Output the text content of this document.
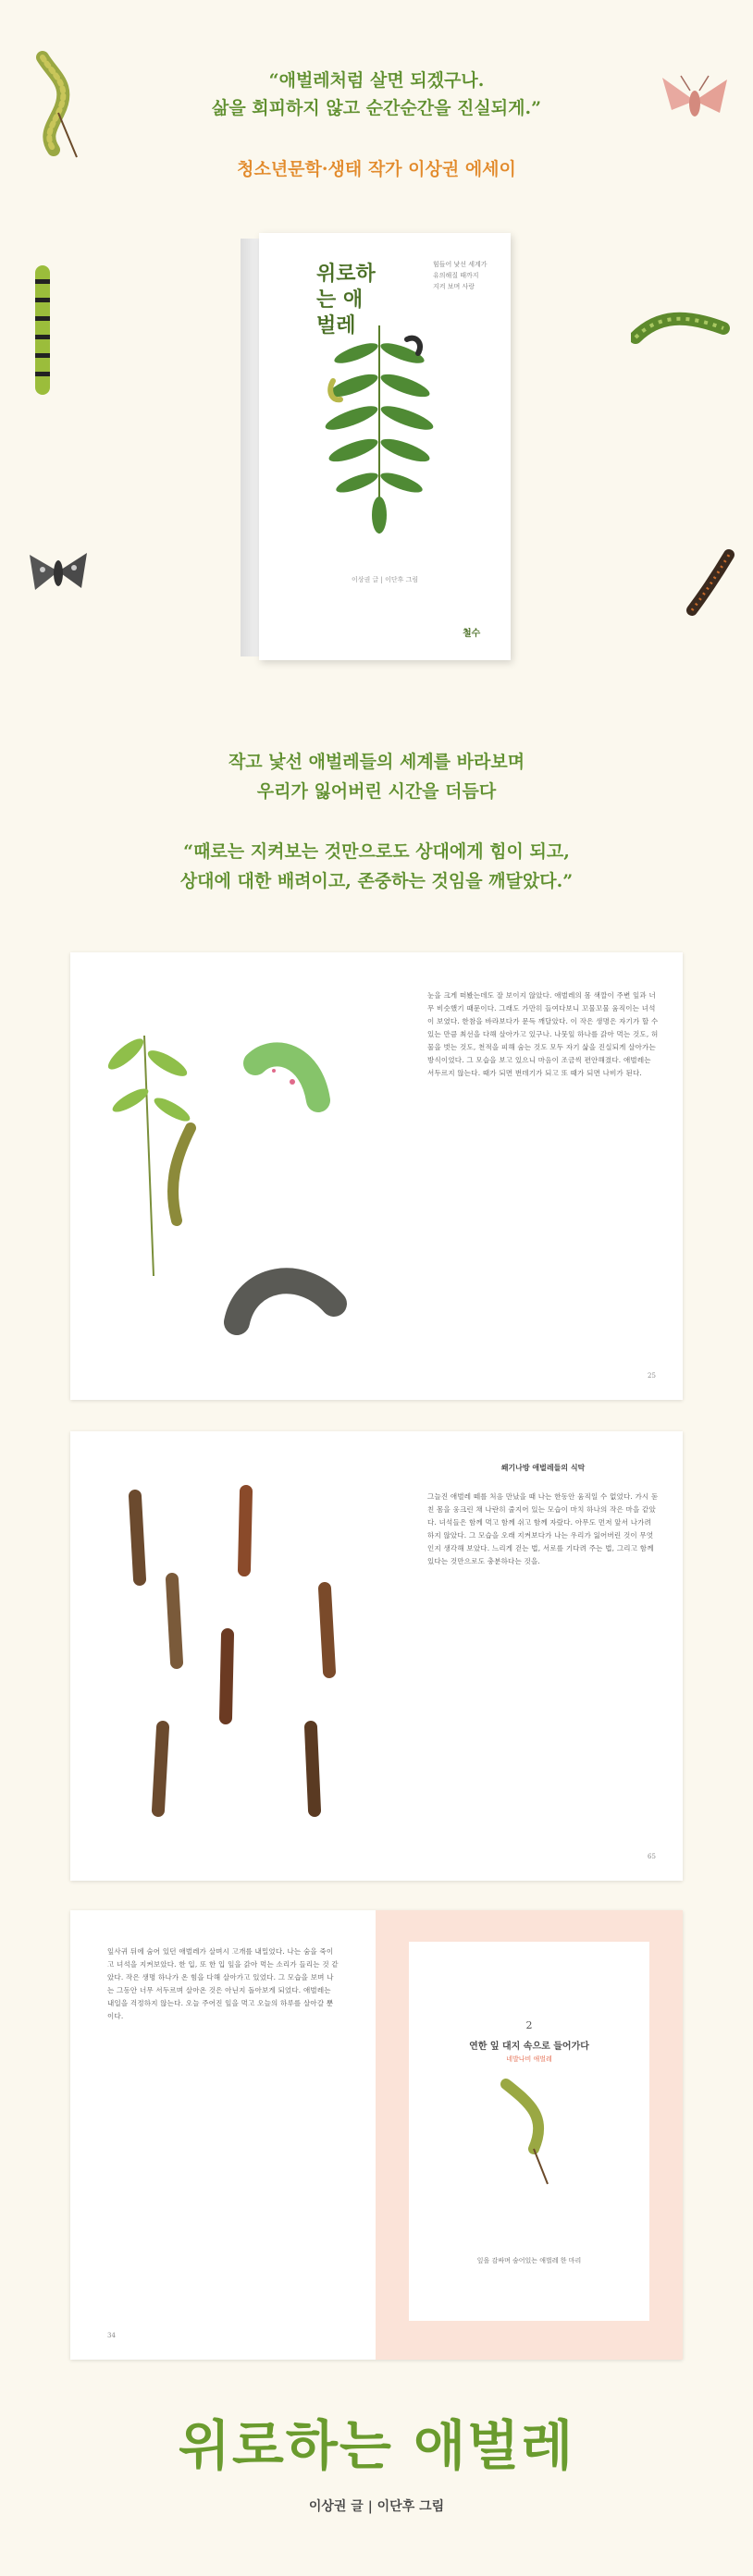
“애벌레처럼 살면 되겠구나.
삶을 회피하지 않고 순간순간을 진실되게.”
청소년문학·생태 작가 이상권 에세이
위로하는 애벌레
힘들어 낯선 세계가
유의해질 때까지
지켜 보며 사랑
이상권 글 | 이단후 그림
철수
작고 낯선 애벌레들의 세계를 바라보며
우리가 잃어버린 시간을 더듬다
“때로는 지켜보는 것만으로도 상대에게 힘이 되고,
상대에 대한 배려이고, 존중하는 것임을 깨달았다.”
눈을 크게 떠봤는데도 잘 보이지 않았다. 애벌레의 몸 색깔이 주변 잎과 너무 비슷했기 때문이다. 그래도 가만히 들여다보니 꼬물꼬물 움직이는 녀석이 보였다. 한참을 바라보다가 문득 깨달았다. 이 작은 생명은 자기가 할 수 있는 만큼 최선을 다해 살아가고 있구나. 나뭇잎 하나를 갉아 먹는 것도, 허물을 벗는 것도, 천적을 피해 숨는 것도 모두 자기 삶을 진실되게 살아가는 방식이었다. 그 모습을 보고 있으니 마음이 조금씩 편안해졌다. 애벌레는 서두르지 않는다. 때가 되면 번데기가 되고 또 때가 되면 나비가 된다.
25
쐐기나방 애벌레들의 식탁
그늘진 애벌레 떼를 처음 만났을 때 나는 한동안 움직일 수 없었다. 가시 돋친 몸을 웅크린 채 나란히 줄지어 있는 모습이 마치 하나의 작은 마을 같았다. 녀석들은 함께 먹고 함께 쉬고 함께 자랐다. 아무도 먼저 앞서 나가려 하지 않았다. 그 모습을 오래 지켜보다가 나는 우리가 잃어버린 것이 무엇인지 생각해 보았다. 느리게 걷는 법, 서로를 기다려 주는 법, 그리고 함께 있다는 것만으로도 충분하다는 것을.
65
잎사귀 뒤에 숨어 있던 애벌레가 살며시 고개를 내밀었다. 나는 숨을 죽이고 녀석을 지켜보았다. 한 입, 또 한 입 잎을 갉아 먹는 소리가 들리는 것 같았다. 작은 생명 하나가 온 힘을 다해 살아가고 있었다. 그 모습을 보며 나는 그동안 너무 서두르며 살아온 것은 아닌지 돌아보게 되었다. 애벌레는 내일을 걱정하지 않는다. 오늘 주어진 잎을 먹고 오늘의 하루를 살아갈 뿐이다.
34
2
연한 잎 대지 속으로 들어가다
네발나비 애벌레
잎을 감싸며 숨어있는 애벌레 한 마리
위로하는 애벌레
이상권 글 | 이단후 그림
